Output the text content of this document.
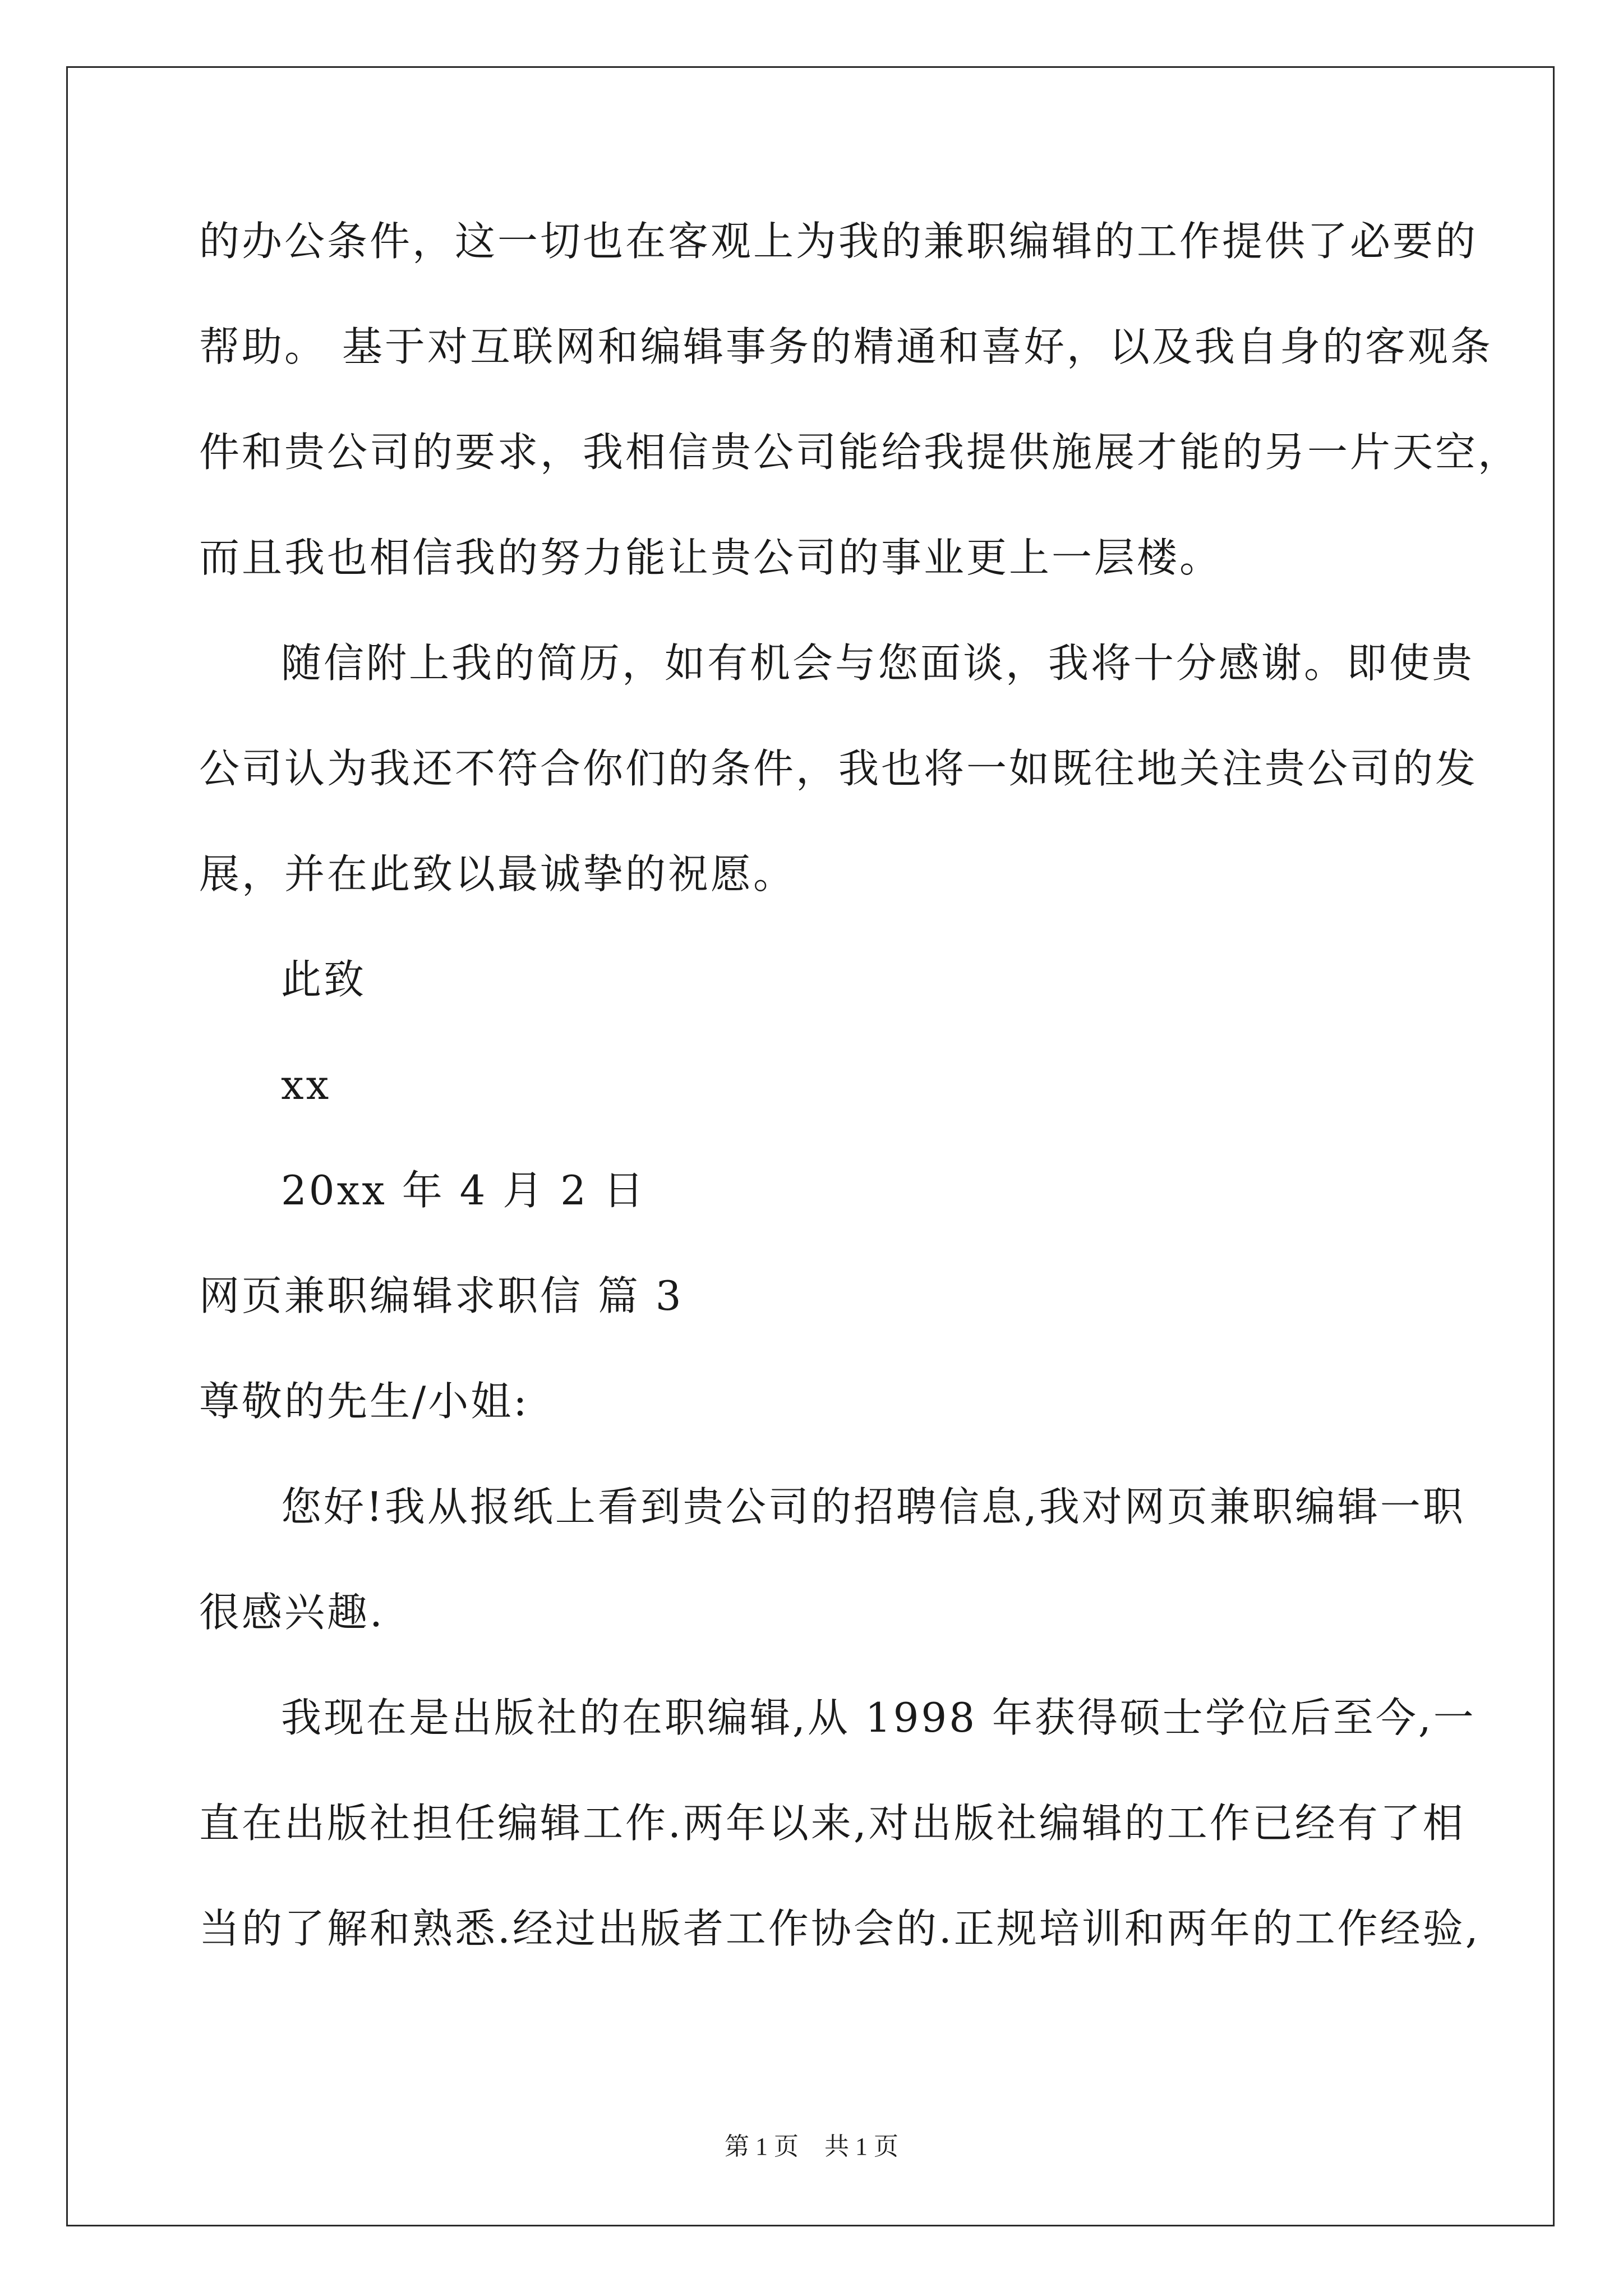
的办公条件，这一切也在客观上为我的兼职编辑的工作提供了必要的
帮助。 基于对互联网和编辑事务的精通和喜好，以及我自身的客观条
件和贵公司的要求，我相信贵公司能给我提供施展才能的另一片天空，
而且我也相信我的努力能让贵公司的事业更上一层楼。
随信附上我的简历，如有机会与您面谈，我将十分感谢。即使贵
公司认为我还不符合你们的条件，我也将一如既往地关注贵公司的发
展，并在此致以最诚挚的祝愿。
此致
xx
20xx 年 4 月 2 日
网页兼职编辑求职信 篇 3
尊敬的先生/小姐:
您好!我从报纸上看到贵公司的招聘信息,我对网页兼职编辑一职
很感兴趣.
我现在是出版社的在职编辑,从 1998 年获得硕士学位后至今,一
直在出版社担任编辑工作.两年以来,对出版社编辑的工作已经有了相
当的了解和熟悉.经过出版者工作协会的.正规培训和两年的工作经验,
第 1 页 共 1 页
